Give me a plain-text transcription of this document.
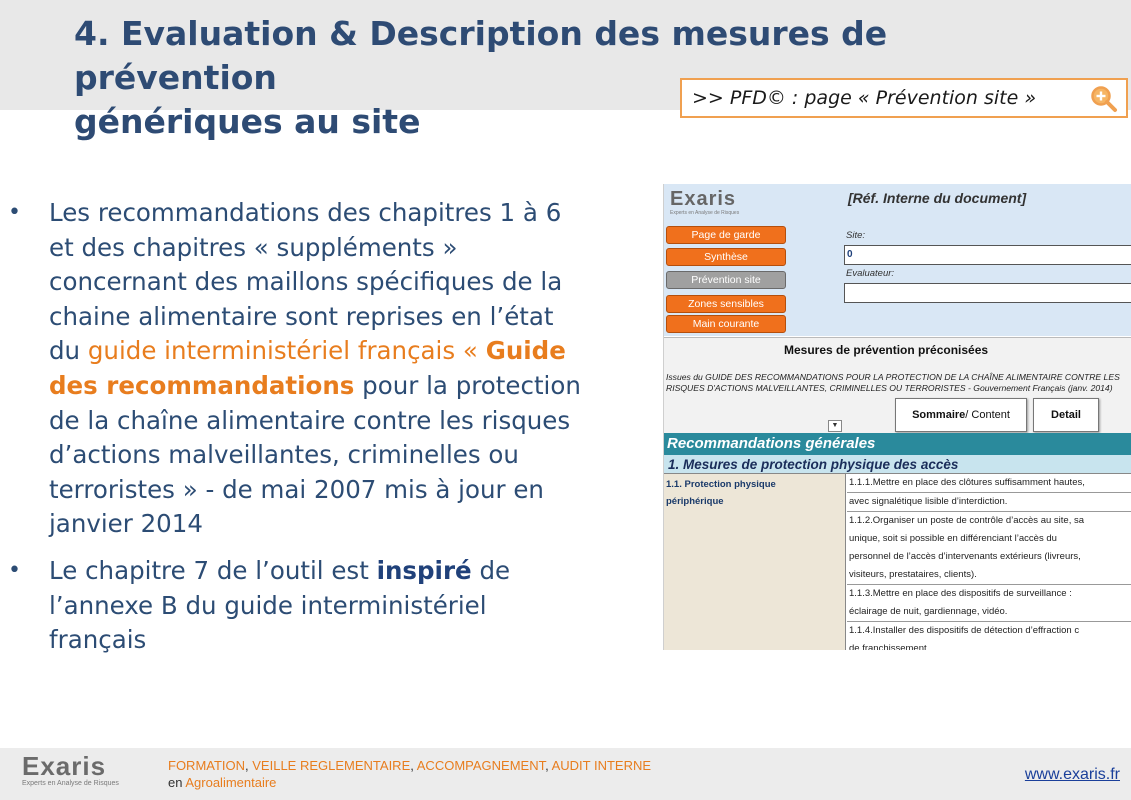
4. Evaluation & Description des mesures de prévention
génériques au site
>> PFD© : page « Prévention site »
• Les recommandations des chapitres 1 à 6
et des chapitres « suppléments »
concernant des maillons spécifiques de la
chaine alimentaire sont reprises en l’état
du guide interministériel français « Guide
des recommandations pour la protection
de la chaîne alimentaire contre les risques
d’actions malveillantes, criminelles ou
terroristes » - de mai 2007 mis à jour en
janvier 2014
• Le chapitre 7 de l’outil est inspiré de
l’annexe B du guide interministériel
français
Exaris
Experts en Analyse de Risques
[Réf. Interne du document]
Page de garde
Synthèse
Prévention site
Zones sensibles
Main courante
Site:
0
Evaluateur:
Mesures de prévention préconisées
Issues du GUIDE DES RECOMMANDATIONS POUR LA PROTECTION DE LA CHAÎNE ALIMENTAIRE CONTRE LES RISQUES D'ACTIONS MALVEILLANTES, CRIMINELLES OU TERRORISTES - Gouvernement Français (janv. 2014)
▼
Sommaire / Content	Detail
Recommandations générales
1. Mesures de protection physique des accès
1.1. Protection physique périphérique
1.1.1.Mettre en place des clôtures suffisamment hautes,
avec signalétique lisible d’interdiction.
1.1.2.Organiser un poste de contrôle d’accès au site, sa
unique, soit si possible en différenciant l’accès du
personnel de l’accès d’intervenants extérieurs (livreurs,
visiteurs, prestataires, clients).
1.1.3.Mettre en place des dispositifs de surveillance :
éclairage de nuit, gardiennage, vidéo.
1.1.4.Installer des dispositifs de détection d’effraction c
de franchissement.
Exaris
Experts en Analyse de Risques
FORMATION, VEILLE REGLEMENTAIRE, ACCOMPAGNEMENT, AUDIT INTERNE
en Agroalimentaire	www.exaris.fr
